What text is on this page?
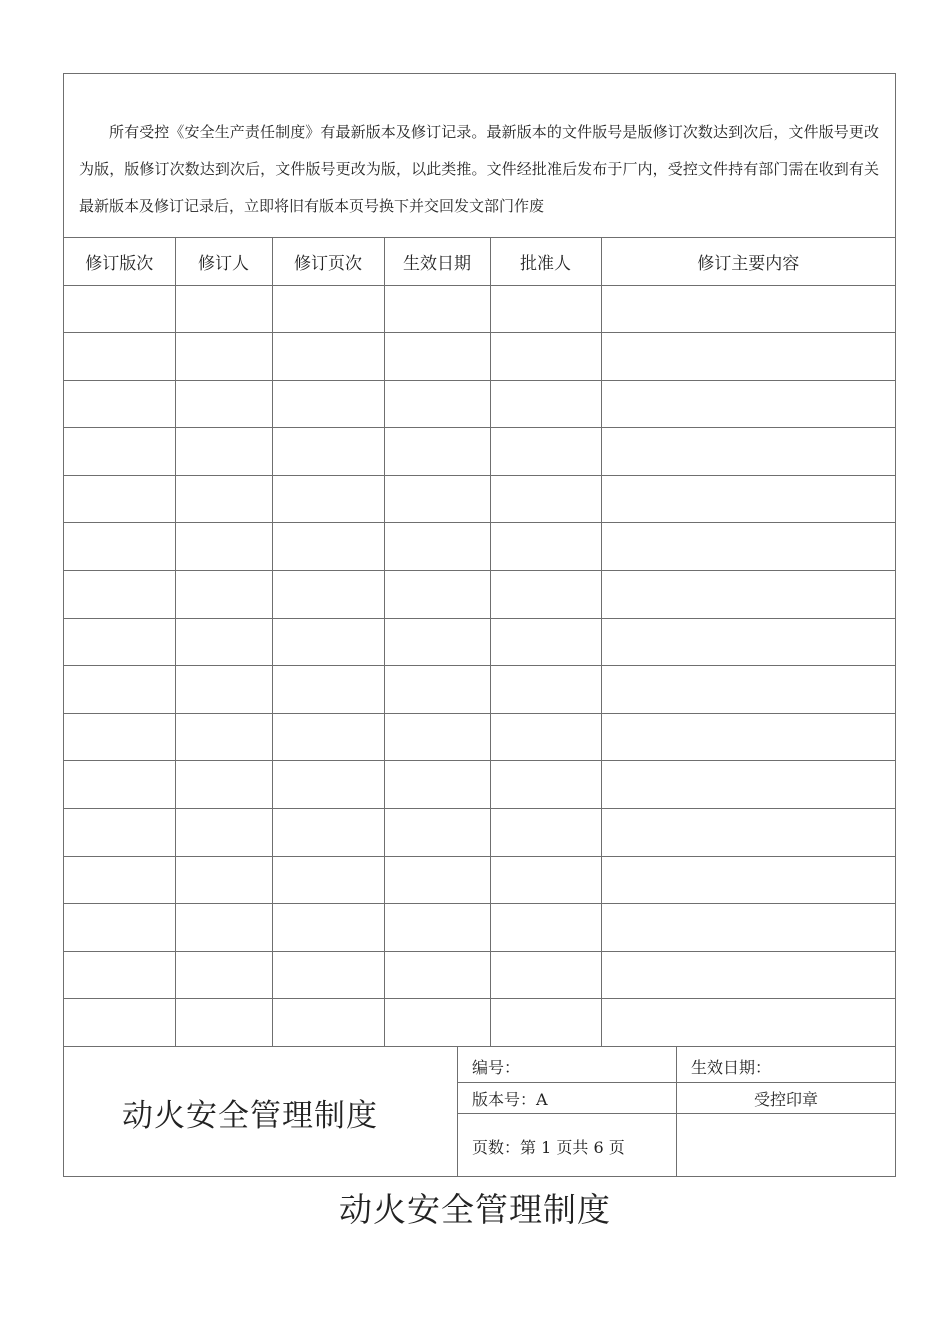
所有受控《安全生产责任制度》有最新版本及修订记录。最新版本的文件版号是版修订次数达到次后，文件版号更改为版，版修订次数达到次后，文件版号更改为版，以此类推。文件经批准后发布于厂内，受控文件持有部门需在收到有关最新版本及修订记录后，立即将旧有版本页号换下并交回发文部门作废

修订版次	修订人	修订页次	生效日期	批准人	修订主要内容

动火安全管理制度
编号：	生效日期：
版本号：A	受控印章
页数：第 1 页共 6 页
动火安全管理制度
